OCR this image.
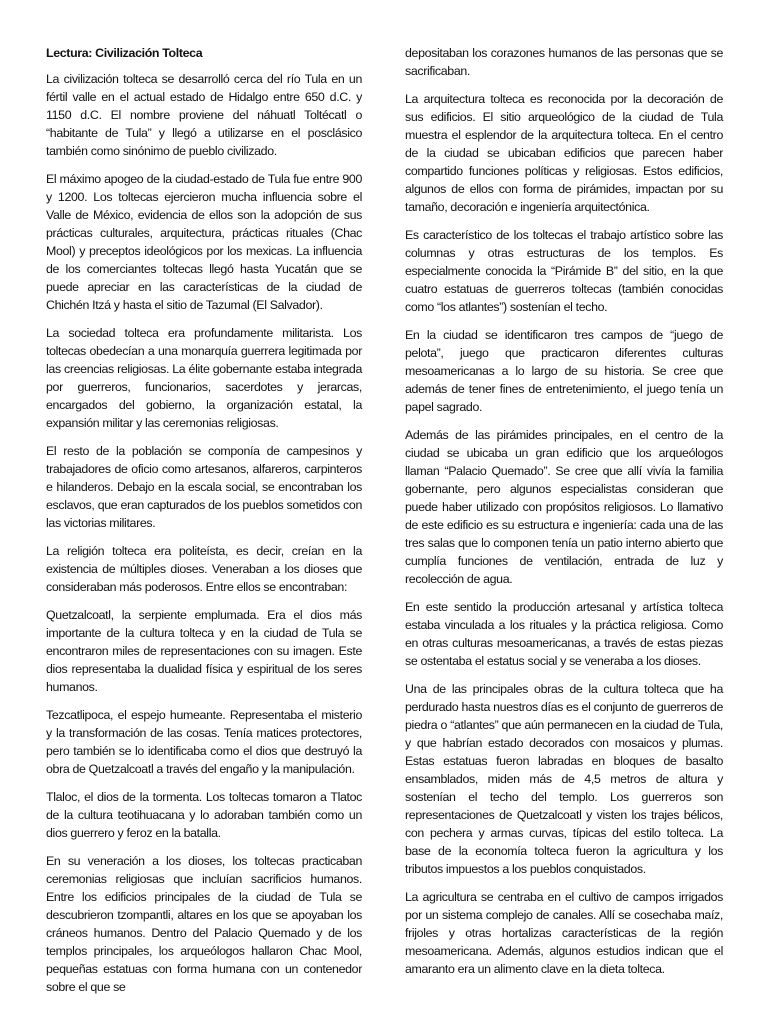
Lectura: Civilización Tolteca

La civilización tolteca se desarrolló cerca del río Tula en un fértil valle en el actual estado de Hidalgo entre 650 d.C. y 1150 d.C. El nombre proviene del náhuatl Toltécatl o “habitante de Tula” y llegó a utilizarse en el posclásico también como sinónimo de pueblo civilizado.

El máximo apogeo de la ciudad-estado de Tula fue entre 900 y 1200. Los toltecas ejercieron mucha influencia sobre el Valle de México, evidencia de ellos son la adopción de sus prácticas culturales, arquitectura, prácticas rituales (Chac Mool) y preceptos ideológicos por los mexicas. La influencia de los comerciantes toltecas llegó hasta Yucatán que se puede apreciar en las características de la ciudad de Chichén Itzá y hasta el sitio de Tazumal (El Salvador).

La sociedad tolteca era profundamente militarista. Los toltecas obedecían a una monarquía guerrera legitimada por las creencias religiosas. La élite gobernante estaba integrada por guerreros, funcionarios, sacerdotes y jerarcas, encargados del gobierno, la organización estatal, la expansión militar y las ceremonias religiosas.

El resto de la población se componía de campesinos y trabajadores de oficio como artesanos, alfareros, carpinteros e hilanderos. Debajo en la escala social, se encontraban los esclavos, que eran capturados de los pueblos sometidos con las victorias militares.

La religión tolteca era politeísta, es decir, creían en la existencia de múltiples dioses. Veneraban a los dioses que consideraban más poderosos. Entre ellos se encontraban:

Quetzalcoatl, la serpiente emplumada. Era el dios más importante de la cultura tolteca y en la ciudad de Tula se encontraron miles de representaciones con su imagen. Este dios representaba la dualidad física y espiritual de los seres humanos.

Tezcatlipoca, el espejo humeante. Representaba el misterio y la transformación de las cosas. Tenía matices protectores, pero también se lo identificaba como el dios que destruyó la obra de Quetzalcoatl a través del engaño y la manipulación.

Tlaloc, el dios de la tormenta. Los toltecas tomaron a Tlatoc de la cultura teotihuacana y lo adoraban también como un dios guerrero y feroz en la batalla.

En su veneración a los dioses, los toltecas practicaban ceremonias religiosas que incluían sacrificios humanos. Entre los edificios principales de la ciudad de Tula se descubrieron tzompantli, altares en los que se apoyaban los cráneos humanos. Dentro del Palacio Quemado y de los templos principales, los arqueólogos hallaron Chac Mool, pequeñas estatuas con forma humana con un contenedor sobre el que se

depositaban los corazones humanos de las personas que se sacrificaban.

La arquitectura tolteca es reconocida por la decoración de sus edificios. El sitio arqueológico de la ciudad de Tula muestra el esplendor de la arquitectura tolteca. En el centro de la ciudad se ubicaban edificios que parecen haber compartido funciones políticas y religiosas. Estos edificios, algunos de ellos con forma de pirámides, impactan por su tamaño, decoración e ingeniería arquitectónica.

Es característico de los toltecas el trabajo artístico sobre las columnas y otras estructuras de los templos. Es especialmente conocida la “Pirámide B” del sitio, en la que cuatro estatuas de guerreros toltecas (también conocidas como “los atlantes”) sostenían el techo.

En la ciudad se identificaron tres campos de “juego de pelota”, juego que practicaron diferentes culturas mesoamericanas a lo largo de su historia. Se cree que además de tener fines de entretenimiento, el juego tenía un papel sagrado.

Además de las pirámides principales, en el centro de la ciudad se ubicaba un gran edificio que los arqueólogos llaman “Palacio Quemado”. Se cree que allí vivía la familia gobernante, pero algunos especialistas consideran que puede haber utilizado con propósitos religiosos. Lo llamativo de este edificio es su estructura e ingeniería: cada una de las tres salas que lo componen tenía un patio interno abierto que cumplía funciones de ventilación, entrada de luz y recolección de agua.

En este sentido la producción artesanal y artística tolteca estaba vinculada a los rituales y la práctica religiosa. Como en otras culturas mesoamericanas, a través de estas piezas se ostentaba el estatus social y se veneraba a los dioses.

Una de las principales obras de la cultura tolteca que ha perdurado hasta nuestros días es el conjunto de guerreros de piedra o “atlantes” que aún permanecen en la ciudad de Tula, y que habrían estado decorados con mosaicos y plumas. Estas estatuas fueron labradas en bloques de basalto ensamblados, miden más de 4,5 metros de altura y sostenían el techo del templo. Los guerreros son representaciones de Quetzalcoatl y visten los trajes bélicos, con pechera y armas curvas, típicas del estilo tolteca. La base de la economía tolteca fueron la agricultura y los tributos impuestos a los pueblos conquistados.

La agricultura se centraba en el cultivo de campos irrigados por un sistema complejo de canales. Allí se cosechaba maíz, frijoles y otras hortalizas características de la región mesoamericana. Además, algunos estudios indican que el amaranto era un alimento clave en la dieta tolteca.
